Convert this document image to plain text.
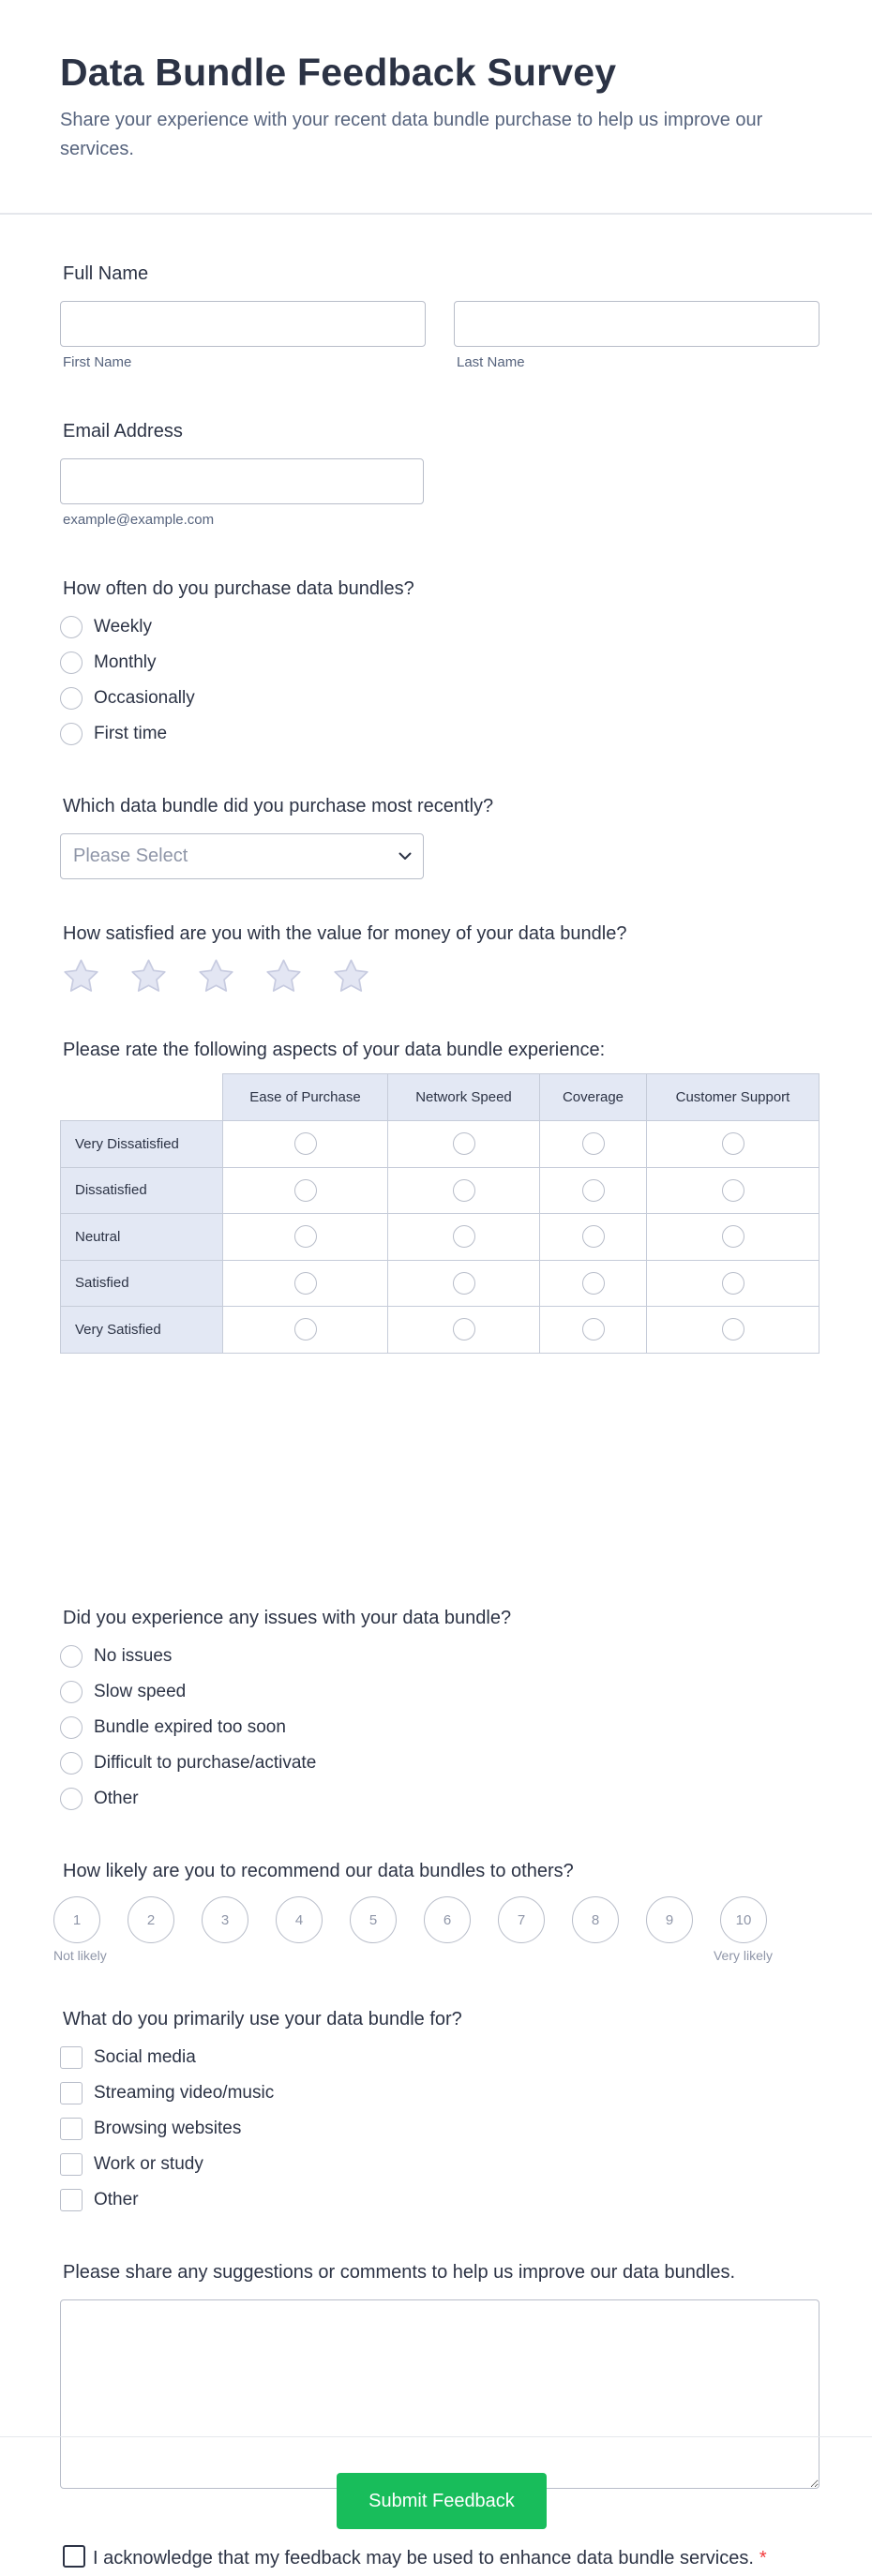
Data Bundle Feedback Survey

Share your experience with your recent data bundle purchase to help us improve our services.

Full Name
First Name	Last Name
Email Address
example@example.com
How often do you purchase data bundles?
Weekly
Monthly
Occasionally
First time
Which data bundle did you purchase most recently?
Please Select
How satisfied are you with the value for money of your data bundle?
Please rate the following aspects of your data bundle experience:
	Ease of Purchase	Network Speed	Coverage	Customer Support
Very Dissatisfied				
Dissatisfied				
Neutral				
Satisfied				
Very Satisfied				
Did you experience any issues with your data bundle?
No issues
Slow speed
Bundle expired too soon
Difficult to purchase/activate
Other
How likely are you to recommend our data bundles to others?
1	2	3	4	5	6	7	8	9	10
Not likely	Very likely
What do you primarily use your data bundle for?
Social media
Streaming video/music
Browsing websites
Work or study
Other
Please share any suggestions or comments to help us improve our data bundles.
I acknowledge that my feedback may be used to enhance data bundle services. *
Submit Feedback
